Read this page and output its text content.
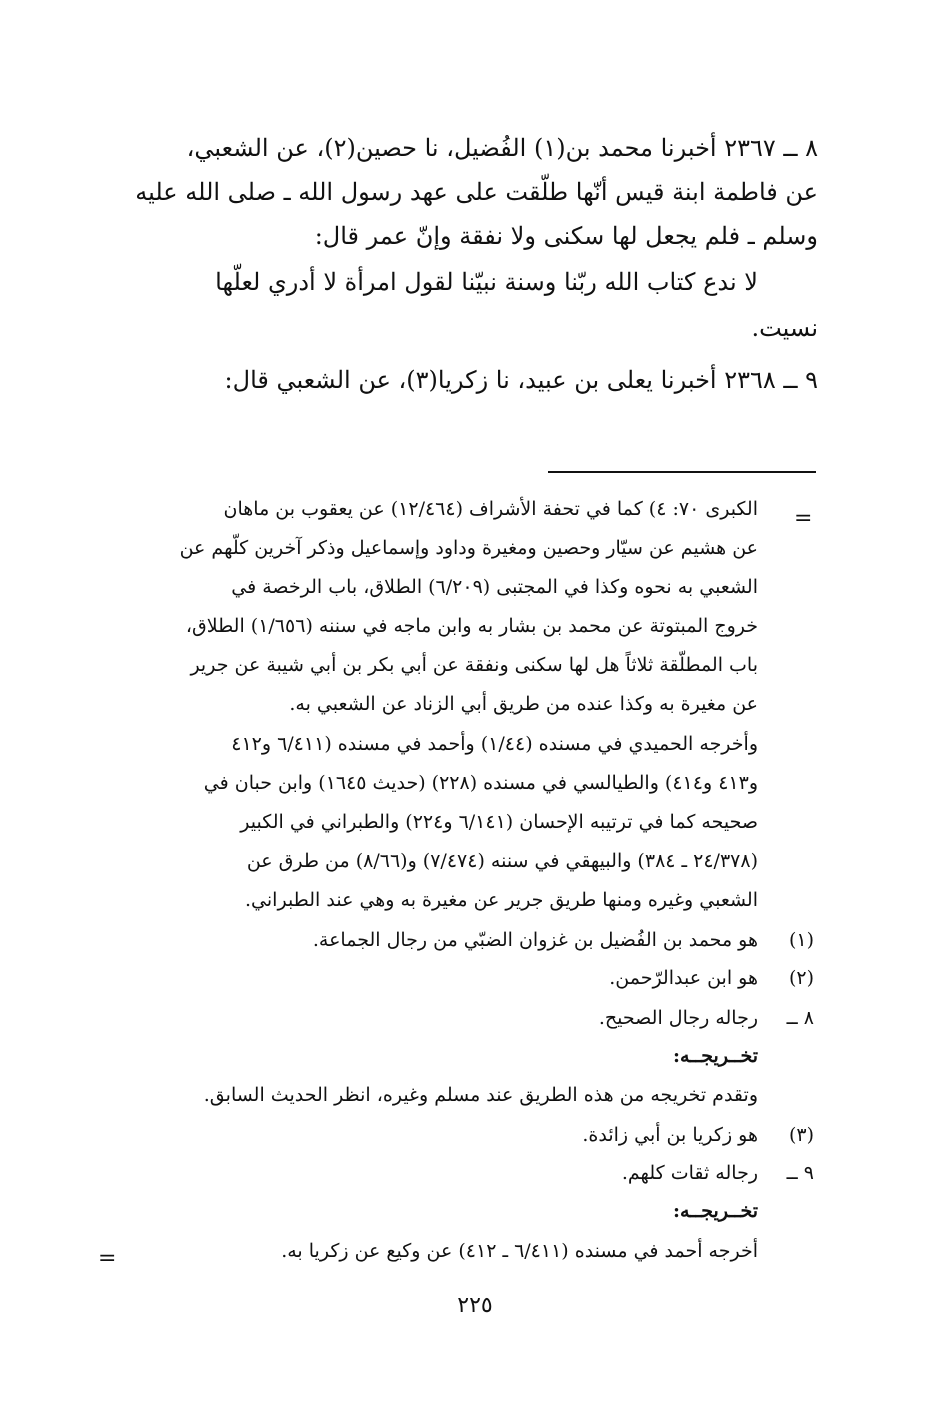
٨ ــ ٢٣٦٧ أخبرنا محمد بن(١) الفُضيل، نا حصين(٢)، عن الشعبي،
عن فاطمة ابنة قيس أنّها طلّقت على عهد رسول الله ـ صلى الله عليه
وسلم ـ فلم يجعل لها سكنى ولا نفقة وإنّ عمر قال:
لا ندع كتاب الله ربّنا وسنة نبيّنا لقول امرأة لا أدري لعلّها
نسيت.
٩ ــ ٢٣٦٨ أخبرنا يعلى بن عبيد، نا زكريا(٣)، عن الشعبي قال:
=
=
الكبرى ٧٠: ٤) كما في تحفة الأشراف (١٢/٤٦٤) عن يعقوب بن ماهان
عن هشيم عن سيّار وحصين ومغيرة وداود وإسماعيل وذكر آخرين كلّهم عن
الشعبي به نحوه وكذا في المجتبى (٦/٢٠٩) الطلاق، باب الرخصة في
خروج المبتوتة عن محمد بن بشار به وابن ماجه في سننه (١/٦٥٦) الطلاق،
باب المطلّقة ثلاثاً هل لها سكنى ونفقة عن أبي بكر بن أبي شيبة عن جرير
عن مغيرة به وكذا عنده من طريق أبي الزناد عن الشعبي به.
وأخرجه الحميدي في مسنده (١/٤٤) وأحمد في مسنده (٦/٤١١ و٤١٢
و٤١٣ و٤١٤) والطيالسي في مسنده (٢٢٨) (حديث ١٦٤٥) وابن حبان في
صحيحه كما في ترتيبه الإحسان (٦/١٤١ و٢٢٤) والطبراني في الكبير
(٢٤/٣٧٨ ـ ٣٨٤) والبيهقي في سننه (٧/٤٧٤) و(٨/٦٦) من طرق عن
الشعبي وغيره ومنها طريق جرير عن مغيرة به وهي عند الطبراني.
(١)
هو محمد بن الفُضيل بن غزوان الضبّي من رجال الجماعة.
(٢)
هو ابن عبدالرّحمن.
٨ ــ
رجاله رجال الصحيح.
تخــريجــه:
وتقدم تخريجه من هذه الطريق عند مسلم وغيره، انظر الحديث السابق.
(٣)
هو زكريا بن أبي زائدة.
٩ ــ
رجاله ثقات كلهم.
تخــريجــه:
أخرجه أحمد في مسنده (٦/٤١١ ـ ٤١٢) عن وكيع عن زكريا به.
٢٢٥
